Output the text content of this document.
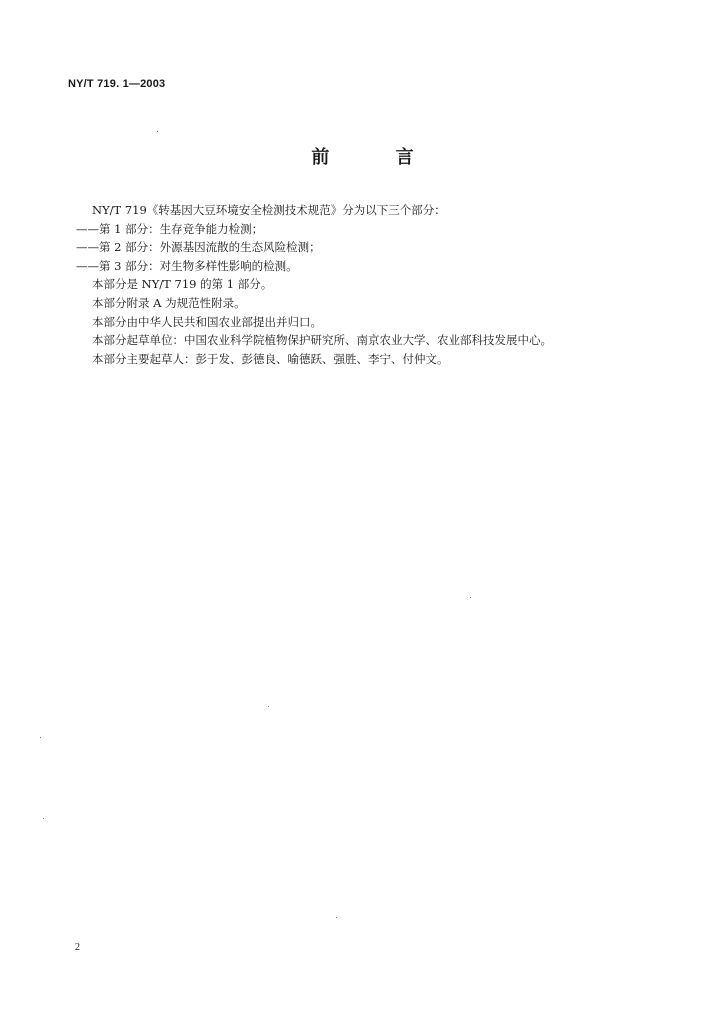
NY/T 719. 1—2003
前 言

NY/T 719《转基因大豆环境安全检测技术规范》分为以下三个部分：

——第 1 部分：生存竞争能力检测；

——第 2 部分：外源基因流散的生态风险检测；

——第 3 部分：对生物多样性影响的检测。

本部分是 NY/T 719 的第 1 部分。

本部分附录 A 为规范性附录。

本部分由中华人民共和国农业部提出并归口。

本部分起草单位：中国农业科学院植物保护研究所、南京农业大学、农业部科技发展中心。

本部分主要起草人：彭于发、彭德良、喻德跃、强胜、李宁、付仲文。

2
